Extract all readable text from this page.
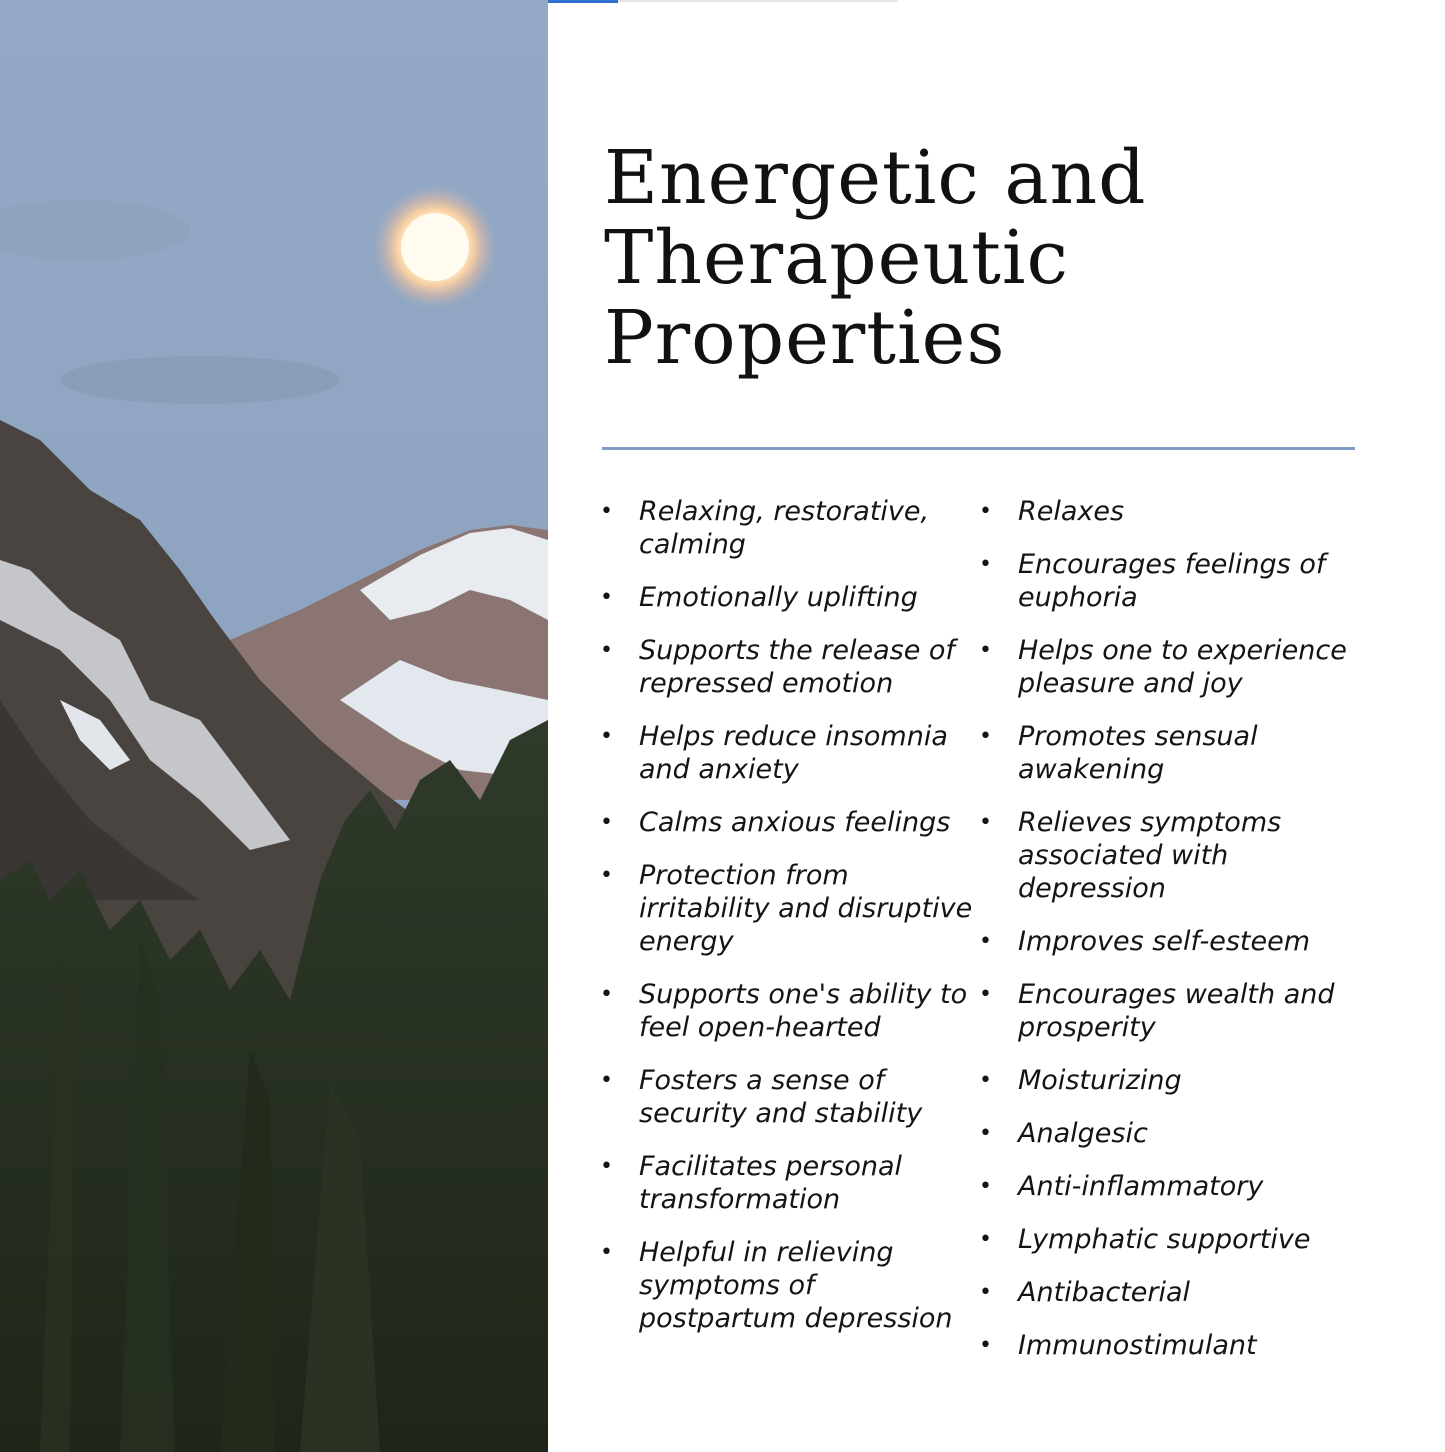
Energetic and
Therapeutic
Properties
• Relaxing, restorative, calming
• Emotionally uplifting
• Supports the release of repressed emotion
• Helps reduce insomnia and anxiety
• Calms anxious feelings
• Protection from irritability and disruptive energy
• Supports one's ability to feel open-hearted
• Fosters a sense of security and stability
• Facilitates personal transformation
• Helpful in relieving symptoms of postpartum depression
• Relaxes
• Encourages feelings of euphoria
• Helps one to experience pleasure and joy
• Promotes sensual awakening
• Relieves symptoms associated with depression
• Improves self-esteem
• Encourages wealth and prosperity
• Moisturizing
• Analgesic
• Anti-inflammatory
• Lymphatic supportive
• Antibacterial
• Immunostimulant
